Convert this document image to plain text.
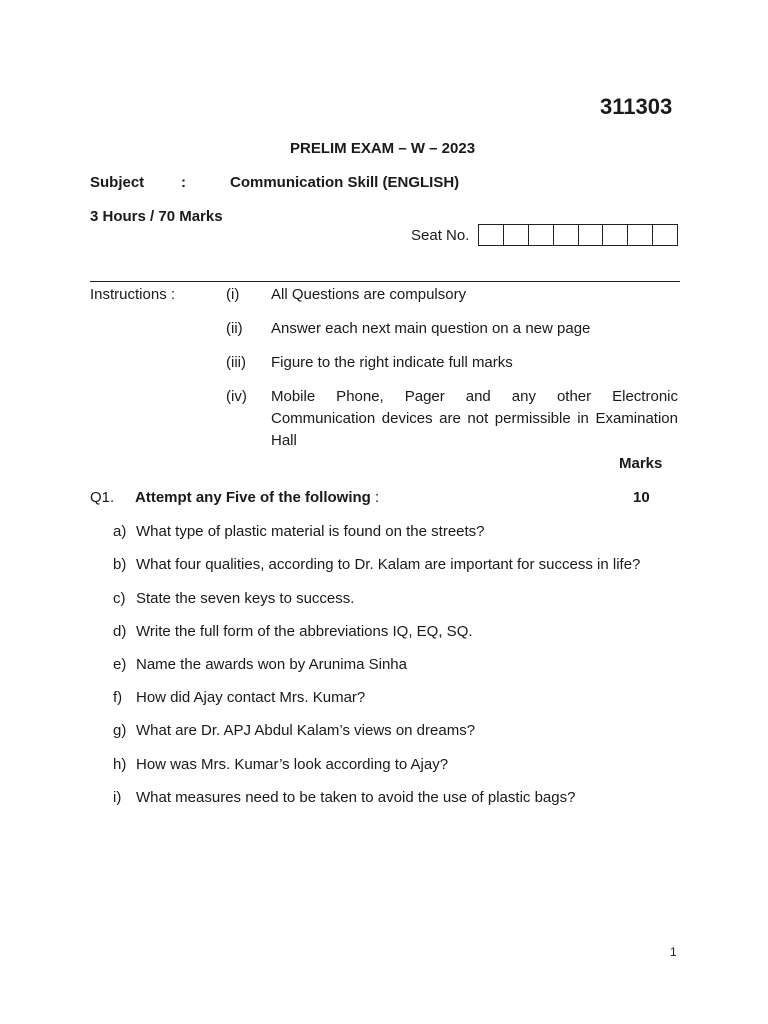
311303
PRELIM EXAM – W – 2023
Subject :	Communication Skill (ENGLISH)
3 Hours / 70 Marks
Seat No.
Instructions :	(i) All Questions are compulsory
(ii) Answer each next main question on a new page
(iii) Figure to the right indicate full marks
(iv) Mobile Phone, Pager and any other Electronic Communication devices are not permissible in Examination Hall
Marks
Q1. Attempt any Five of the following :	10
a) What type of plastic material is found on the streets?
b) What four qualities, according to Dr. Kalam are important for success in life?
c) State the seven keys to success.
d) Write the full form of the abbreviations IQ, EQ, SQ.
e) Name the awards won by Arunima Sinha
f) How did Ajay contact Mrs. Kumar?
g) What are Dr. APJ Abdul Kalam’s views on dreams?
h) How was Mrs. Kumar’s look according to Ajay?
i) What measures need to be taken to avoid the use of plastic bags?
1
